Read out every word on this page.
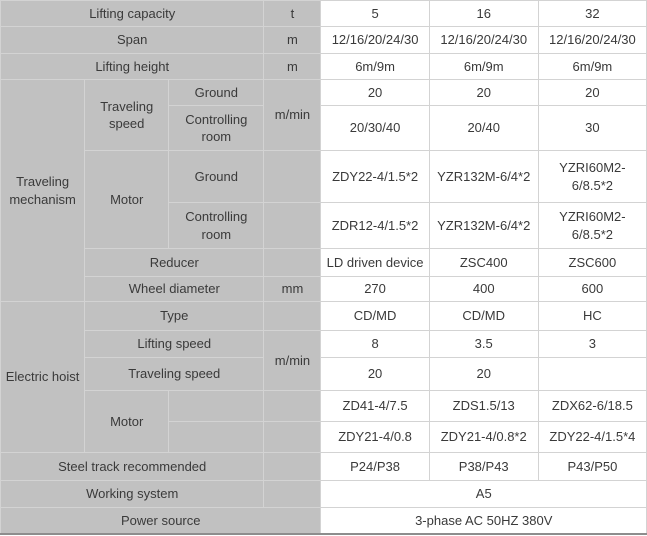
Lifting capacity			t	5	16	32
Span			m	12/16/20/24/30	12/16/20/24/30	12/16/20/24/30
Lifting height			m	6m/9m	6m/9m	6m/9m
Traveling mechanism	Traveling speed	Ground	m/min	20	20	20
		Controlling room		20/30/40	20/40	30
	Motor	Ground		ZDY22-4/1.5*2	YZR132M-6/4*2	YZRI60M2-6/8.5*2
		Controlling room		ZDR12-4/1.5*2	YZR132M-6/4*2	YZRI60M2-6/8.5*2
	Reducer			LD driven device	ZSC400	ZSC600
	Wheel diameter		mm	270	400	600
Electric hoist	Type			CD/MD	CD/MD	HC
	Lifting speed		m/min	8	3.5	3
	Traveling speed			20	20	
	Motor			ZD41-4/7.5	ZDS1.5/13	ZDX62-6/18.5
				ZDY21-4/0.8	ZDY21-4/0.8*2	ZDY22-4/1.5*4
Steel track recommended				P24/P38	P38/P43	P43/P50
Working system				A5		
Power source				3-phase AC 50HZ 380V		
